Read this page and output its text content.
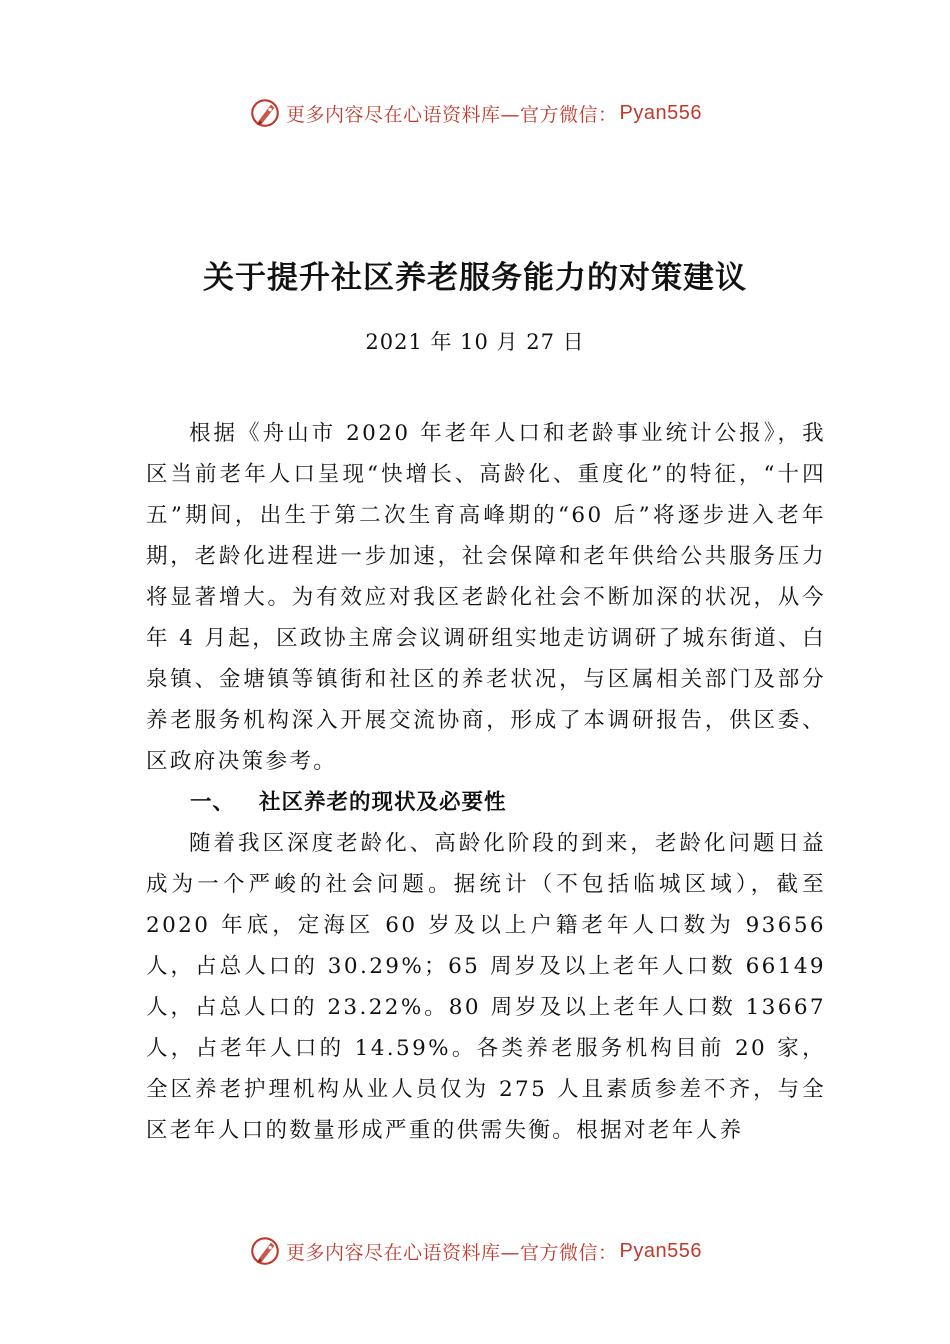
更多内容尽在心语资料库—官方微信： Pyan556
关于提升社区养老服务能力的对策建议
2021 年 10 月 27 日

根据《舟山市 2020 年老年人口和老龄事业统计公报》，我区当前老年人口呈现“快增长、高龄化、重度化”的特征，“十四五”期间，出生于第二次生育高峰期的“60 后”将逐步进入老年期，老龄化进程进一步加速，社会保障和老年供给公共服务压力将显著增大。为有效应对我区老龄化社会不断加深的状况，从今年 4 月起，区政协主席会议调研组实地走访调研了城东街道、白泉镇、金塘镇等镇街和社区的养老状况，与区属相关部门及部分养老服务机构深入开展交流协商，形成了本调研报告，供区委、区政府决策参考。

一、 社区养老的现状及必要性

随着我区深度老龄化、高龄化阶段的到来，老龄化问题日益成为一个严峻的社会问题。据统计（不包括临城区域），截至 2020 年底，定海区 60 岁及以上户籍老年人口数为 93656 人，占总人口的 30.29%；65 周岁及以上老年人口数 66149 人，占总人口的 23.22%。80 周岁及以上老年人口数 13667 人，占老年人口的 14.59%。各类养老服务机构目前 20 家， 全区养老护理机构从业人员仅为 275 人且素质参差不齐，与全区老年人口的数量形成严重的供需失衡。根据对老年人养

更多内容尽在心语资料库—官方微信： Pyan556
